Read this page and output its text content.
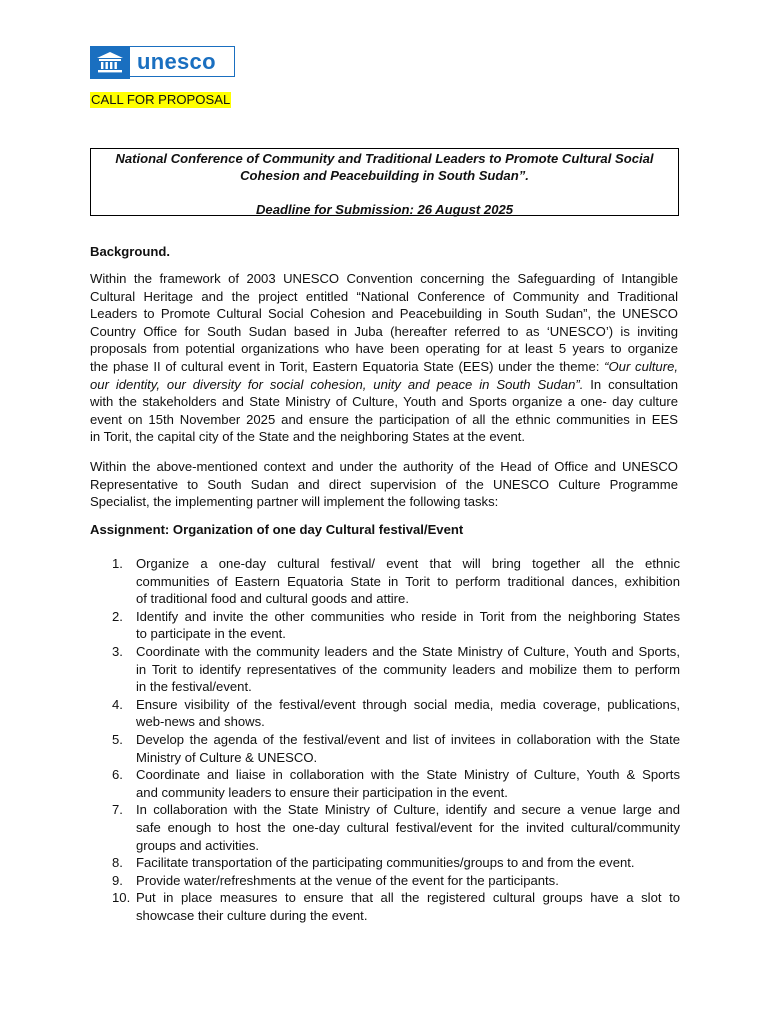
unesco
CALL FOR PROPOSAL
National Conference of Community and Traditional Leaders to Promote Cultural Social
Cohesion and Peacebuilding in South Sudan”.
Deadline for Submission: 26 August 2025
Background.
Within the framework of 2003 UNESCO Convention concerning the Safeguarding of Intangible
Cultural Heritage and the project entitled “National Conference of Community and Traditional
Leaders to Promote Cultural Social Cohesion and Peacebuilding in South Sudan”, the UNESCO
Country Office for South Sudan based in Juba (hereafter referred to as ‘UNESCO’) is inviting
proposals from potential organizations who have been operating for at least 5 years to organize
the phase II of cultural event in Torit, Eastern Equatoria State (EES) under the theme: “Our culture,
our identity, our diversity for social cohesion, unity and peace in South Sudan”. In consultation
with the stakeholders and State Ministry of Culture, Youth and Sports organize a one- day culture
event on 15th November 2025 and ensure the participation of all the ethnic communities in EES
in Torit, the capital city of the State and the neighboring States at the event.
Within the above-mentioned context and under the authority of the Head of Office and UNESCO
Representative to South Sudan and direct supervision of the UNESCO Culture Programme
Specialist, the implementing partner will implement the following tasks:
Assignment: Organization of one day Cultural festival/Event
1. Organize a one-day cultural festival/ event that will bring together all the ethnic
communities of Eastern Equatoria State in Torit to perform traditional dances, exhibition
of traditional food and cultural goods and attire.
2. Identify and invite the other communities who reside in Torit from the neighboring States
to participate in the event.
3. Coordinate with the community leaders and the State Ministry of Culture, Youth and Sports,
in Torit to identify representatives of the community leaders and mobilize them to perform
in the festival/event.
4. Ensure visibility of the festival/event through social media, media coverage, publications,
web-news and shows.
5. Develop the agenda of the festival/event and list of invitees in collaboration with the State
Ministry of Culture & UNESCO.
6. Coordinate and liaise in collaboration with the State Ministry of Culture, Youth & Sports
and community leaders to ensure their participation in the event.
7. In collaboration with the State Ministry of Culture, identify and secure a venue large and
safe enough to host the one-day cultural festival/event for the invited cultural/community
groups and activities.
8. Facilitate transportation of the participating communities/groups to and from the event.
9. Provide water/refreshments at the venue of the event for the participants.
10. Put in place measures to ensure that all the registered cultural groups have a slot to
showcase their culture during the event.
